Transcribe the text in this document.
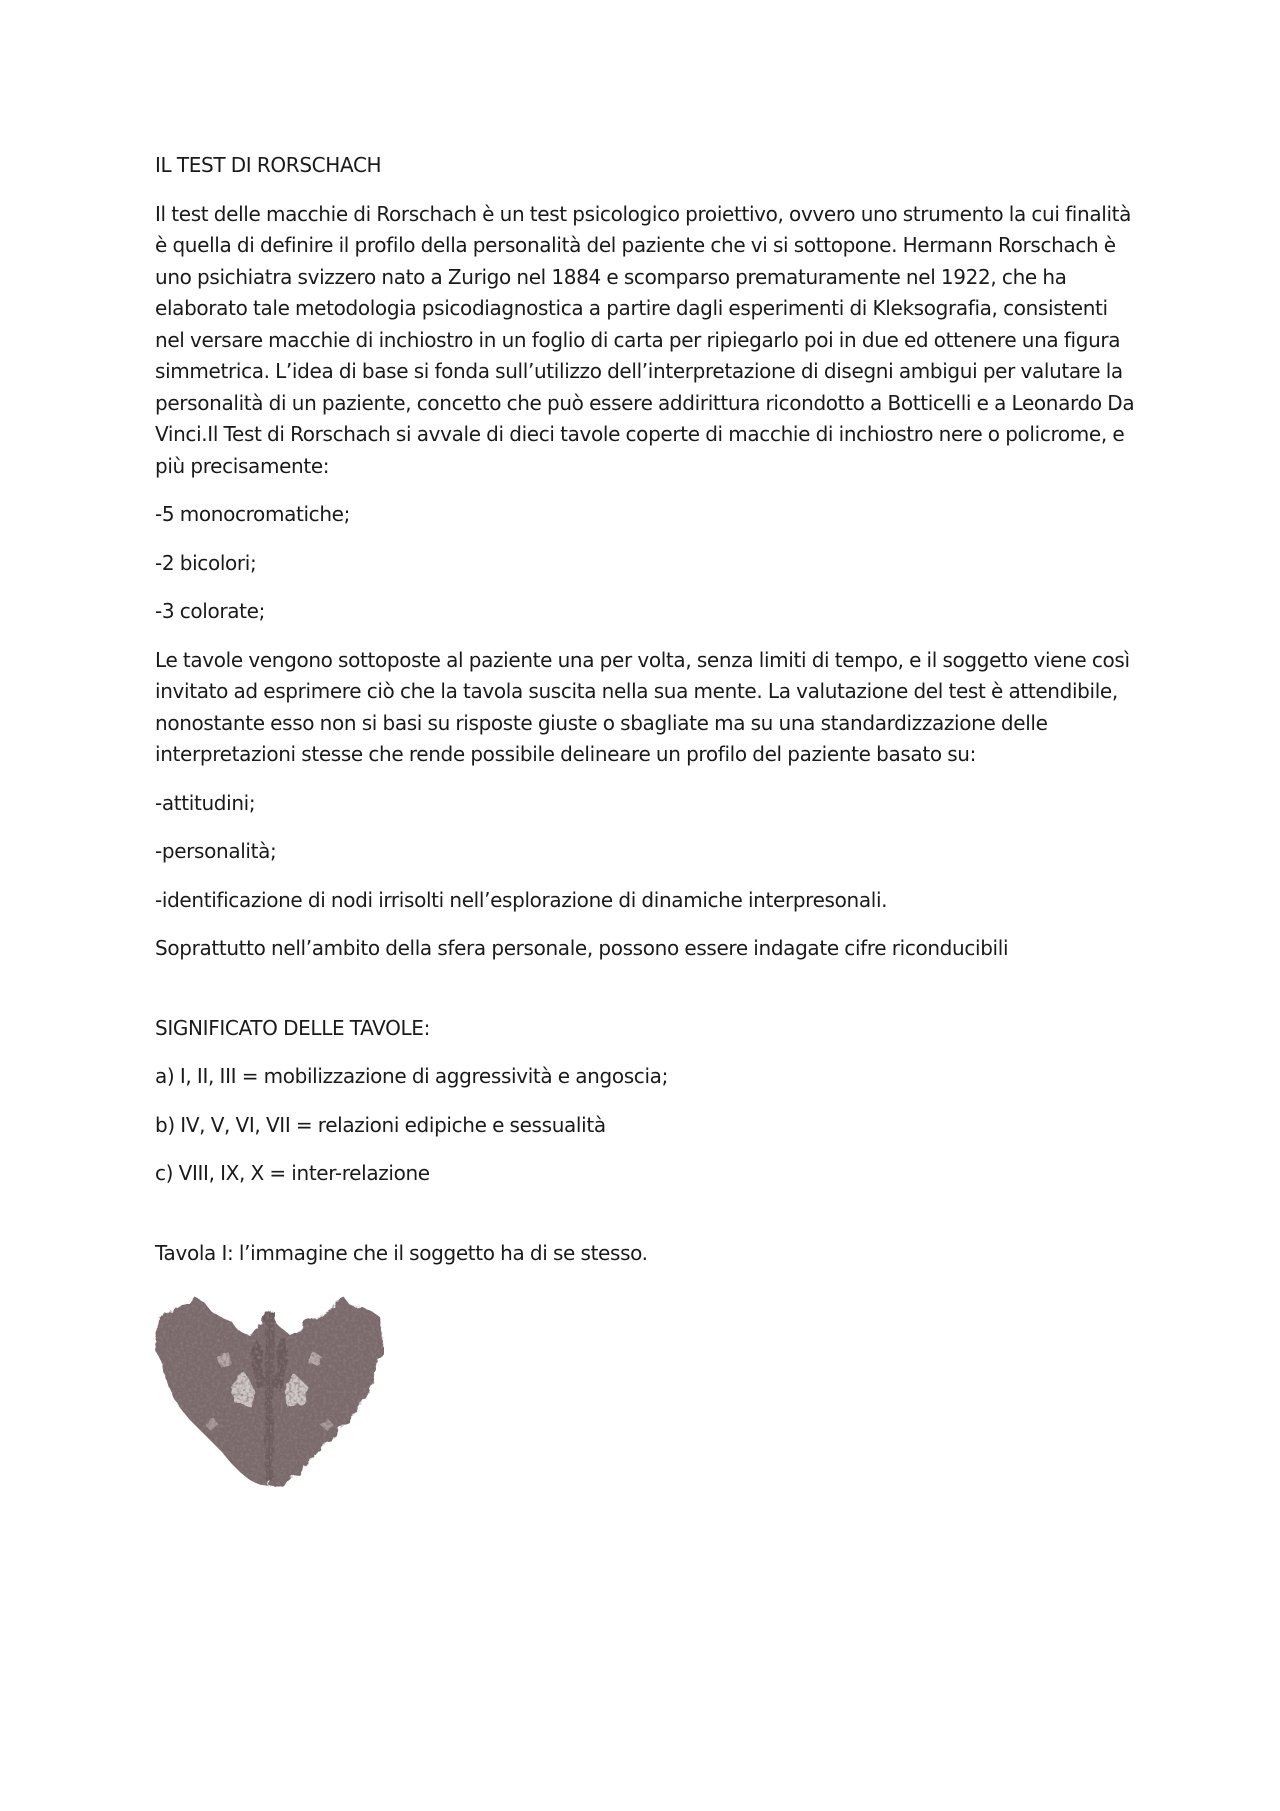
IL TEST DI RORSCHACH

Il test delle macchie di Rorschach è un test psicologico proiettivo, ovvero uno strumento la cui finalità è quella di definire il profilo della personalità del paziente che vi si sottopone. Hermann Rorschach è uno psichiatra svizzero nato a Zurigo nel 1884 e scomparso prematuramente nel 1922, che ha elaborato tale metodologia psicodiagnostica a partire dagli esperimenti di Kleksografia, consistenti nel versare macchie di inchiostro in un foglio di carta per ripiegarlo poi in due ed ottenere una figura simmetrica. L’idea di base si fonda sull’utilizzo dell’interpretazione di disegni ambigui per valutare la personalità di un paziente, concetto che può essere addirittura ricondotto a Botticelli e a Leonardo Da Vinci.Il Test di Rorschach si avvale di dieci tavole coperte di macchie di inchiostro nere o policrome, e più precisamente:

-5 monocromatiche;

-2 bicolori;

-3 colorate;

Le tavole vengono sottoposte al paziente una per volta, senza limiti di tempo, e il soggetto viene così invitato ad esprimere ciò che la tavola suscita nella sua mente. La valutazione del test è attendibile, nonostante esso non si basi su risposte giuste o sbagliate ma su una standardizzazione delle interpretazioni stesse che rende possibile delineare un profilo del paziente basato su:

-attitudini;

-personalità;

-identificazione di nodi irrisolti nell’esplorazione di dinamiche interpresonali.

Soprattutto nell’ambito della sfera personale, possono essere indagate cifre riconducibili

SIGNIFICATO DELLE TAVOLE:

a) I, II, III = mobilizzazione di aggressività e angoscia;

b) IV, V, VI, VII = relazioni edipiche e sessualità

c) VIII, IX, X = inter-relazione

Tavola I: l’immagine che il soggetto ha di se stesso.
